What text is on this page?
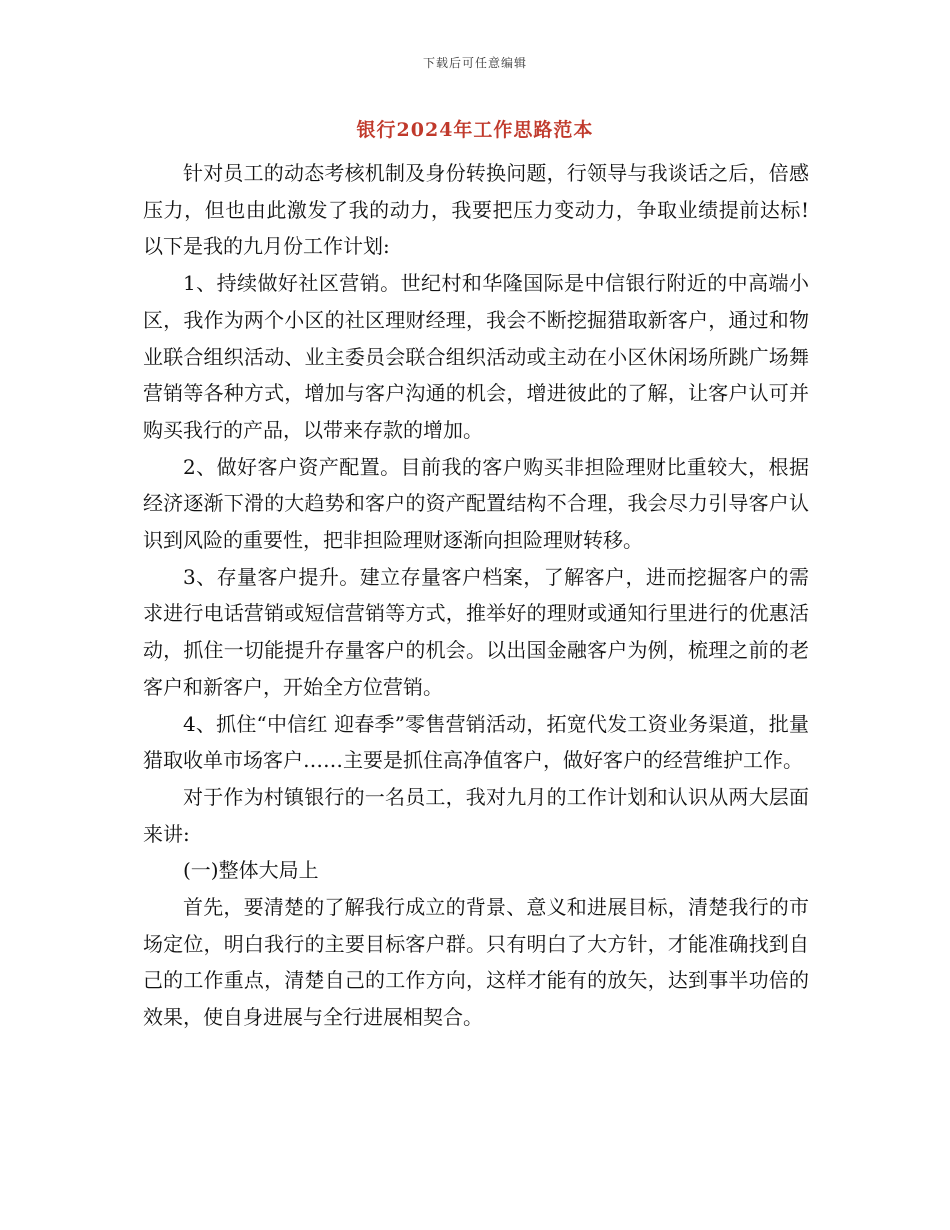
下载后可任意编辑
银行2024年工作思路范本

针对员工的动态考核机制及身份转换问题，行领导与我谈话之后，倍感压力，但也由此激发了我的动力，我要把压力变动力，争取业绩提前达标!以下是我的九月份工作计划:

1、持续做好社区营销。世纪村和华隆国际是中信银行附近的中高端小区，我作为两个小区的社区理财经理，我会不断挖掘猎取新客户，通过和物业联合组织活动、业主委员会联合组织活动或主动在小区休闲场所跳广场舞营销等各种方式，增加与客户沟通的机会，增进彼此的了解，让客户认可并购买我行的产品，以带来存款的增加。

2、做好客户资产配置。目前我的客户购买非担险理财比重较大，根据经济逐渐下滑的大趋势和客户的资产配置结构不合理，我会尽力引导客户认识到风险的重要性，把非担险理财逐渐向担险理财转移。

3、存量客户提升。建立存量客户档案，了解客户，进而挖掘客户的需求进行电话营销或短信营销等方式，推举好的理财或通知行里进行的优惠活动，抓住一切能提升存量客户的机会。以出国金融客户为例，梳理之前的老客户和新客户，开始全方位营销。

4、抓住“中信红 迎春季”零售营销活动，拓宽代发工资业务渠道，批量猎取收单市场客户……主要是抓住高净值客户，做好客户的经营维护工作。

对于作为村镇银行的一名员工，我对九月的工作计划和认识从两大层面来讲:

(一)整体大局上

首先，要清楚的了解我行成立的背景、意义和进展目标，清楚我行的市场定位，明白我行的主要目标客户群。只有明白了大方针，才能准确找到自己的工作重点，清楚自己的工作方向，这样才能有的放矢，达到事半功倍的效果，使自身进展与全行进展相契合。
